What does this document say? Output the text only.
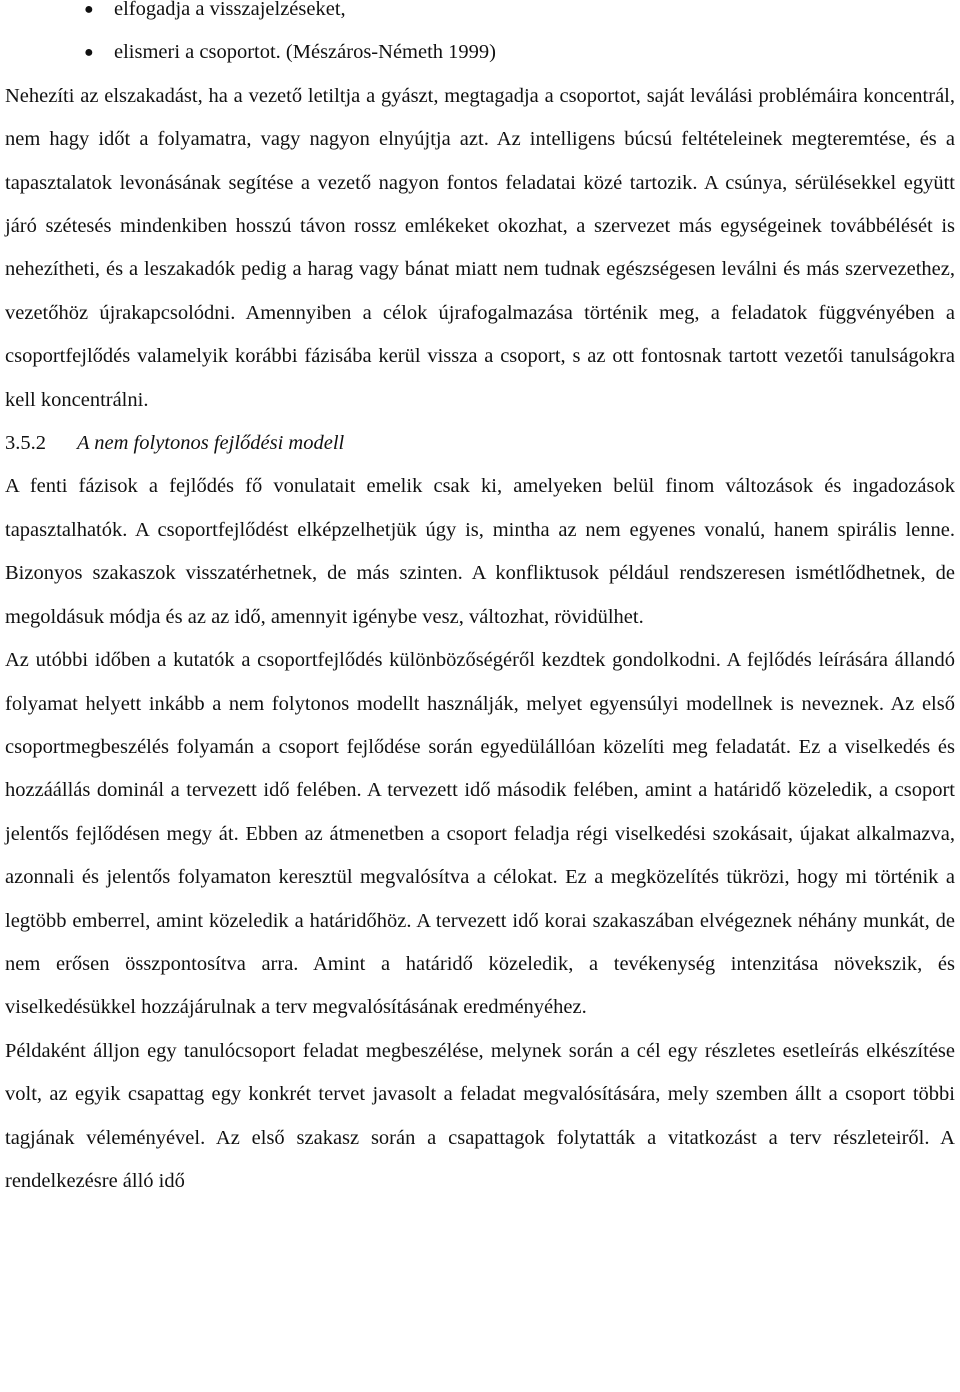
● elfogadja a visszajelzéseket,
● elismeri a csoportot. (Mészáros-Németh 1999)

Nehezíti az elszakadást, ha a vezető letiltja a gyászt, megtagadja a csoportot, saját leválási problémáira koncentrál, nem hagy időt a folyamatra, vagy nagyon elnyújtja azt. Az intelligens búcsú feltételeinek megteremtése, és a tapasztalatok levonásának segítése a vezető nagyon fontos feladatai közé tartozik. A csúnya, sérülésekkel együtt járó szétesés mindenkiben hosszú távon rossz emlékeket okozhat, a szervezet más egységeinek továbbélését is nehezítheti, és a leszakadók pedig a harag vagy bánat miatt nem tudnak egészségesen leválni és más szervezethez, vezetőhöz újrakapcsolódni. Amennyiben a célok újrafogalmazása történik meg, a feladatok függvényében a csoportfejlődés valamelyik korábbi fázisába kerül vissza a csoport, s az ott fontosnak tartott vezetői tanulságokra kell koncentrálni.

3.5.2 A nem folytonos fejlődési modell

A fenti fázisok a fejlődés fő vonulatait emelik csak ki, amelyeken belül finom változások és ingadozások tapasztalhatók. A csoportfejlődést elképzelhetjük úgy is, mintha az nem egyenes vonalú, hanem spirális lenne. Bizonyos szakaszok visszatérhetnek, de más szinten. A konfliktusok például rendszeresen ismétlődhetnek, de megoldásuk módja és az az idő, amennyit igénybe vesz, változhat, rövidülhet.

Az utóbbi időben a kutatók a csoportfejlődés különbözőségéről kezdtek gondolkodni. A fejlődés leírására állandó folyamat helyett inkább a nem folytonos modellt használják, melyet egyensúlyi modellnek is neveznek. Az első csoportmegbeszélés folyamán a csoport fejlődése során egyedülállóan közelíti meg feladatát. Ez a viselkedés és hozzáállás dominál a tervezett idő felében. A tervezett idő második felében, amint a határidő közeledik, a csoport jelentős fejlődésen megy át. Ebben az átmenetben a csoport feladja régi viselkedési szokásait, újakat alkalmazva, azonnali és jelentős folyamaton keresztül megvalósítva a célokat. Ez a megközelítés tükrözi, hogy mi történik a legtöbb emberrel, amint közeledik a határidőhöz. A tervezett idő korai szakaszában elvégeznek néhány munkát, de nem erősen összpontosítva arra. Amint a határidő közeledik, a tevékenység intenzitása növekszik, és viselkedésükkel hozzájárulnak a terv megvalósításának eredményéhez.

Példaként álljon egy tanulócsoport feladat megbeszélése, melynek során a cél egy részletes esetleírás elkészítése volt, az egyik csapattag egy konkrét tervet javasolt a feladat megvalósítására, mely szemben állt a csoport többi tagjának véleményével. Az első szakasz során a csapattagok folytatták a vitatkozást a terv részleteiről. A rendelkezésre álló idő
